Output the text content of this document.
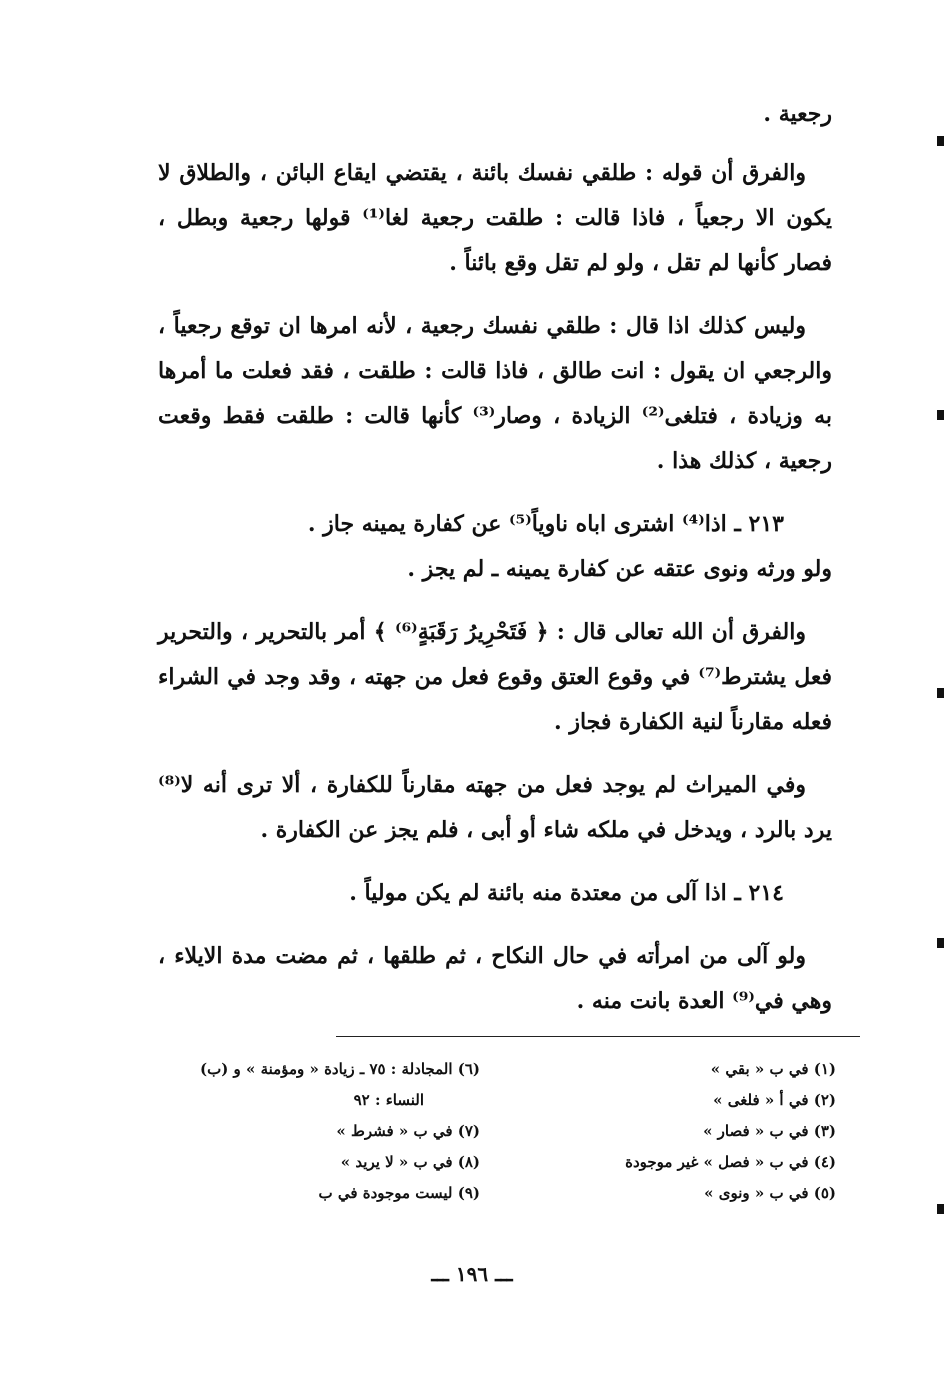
رجعية .

والفرق أن قوله : طلقي نفسك بائنة ، يقتضي ايقاع البائن ، والطلاق لا يكون الا رجعياً ، فاذا قالت : طلقت رجعية لغا⁽¹⁾ قولها رجعية وبطل ، فصار كأنها لم تقل ، ولو لم تقل وقع بائناً .

وليس كذلك اذا قال : طلقي نفسك رجعية ، لأنه امرها ان توقع رجعياً ، والرجعي ان يقول : انت طالق ، فاذا قالت : طلقت ، فقد فعلت ما أمرها به وزيادة ، فتلغى⁽²⁾ الزيادة ، وصار⁽³⁾ كأنها قالت : طلقت فقط وقعت رجعية ، كذلك هذا .

٢١٣ ـ اذا⁽⁴⁾ اشترى اباه ناوياً⁽⁵⁾ عن كفارة يمينه جاز .

ولو ورثه ونوى عتقه عن كفارة يمينه ـ لم يجز .

والفرق أن الله تعالى قال : ﴿ فَتَحْرِيرُ رَقَبَةٍ⁽⁶⁾ ﴾ أمر بالتحرير ، والتحرير فعل يشترط⁽⁷⁾ في وقوع العتق وقوع فعل من جهته ، وقد وجد في الشراء فعله مقارناً لنية الكفارة فجاز .

وفي الميراث لم يوجد فعل من جهته مقارناً للكفارة ، ألا ترى أنه لا⁽⁸⁾ يرد بالرد ، ويدخل في ملكه شاء أو أبى ، فلم يجز عن الكفارة .

٢١٤ ـ اذا آلى من معتدة منه بائنة لم يكن مولياً .

ولو آلى من امرأته في حال النكاح ، ثم طلقها ، ثم مضت مدة الايلاء ، وهي في⁽⁹⁾ العدة بانت منه .

(١) في ب « بقي »
(٢) في أ « فلغى »
(٣) في ب « فصار »
(٤) في ب « فصل » غير موجودة
(٥) في ب « ونوى »
(٦) المجادلة : ٧٥ ـ زيادة « ومؤمنة » و (ب)
النساء : ٩٢
(٧) في ب « فشرط »
(٨) في ب « لا يريد »
(٩) ليست موجودة في ب
ـــ ١٩٦ ـــ
